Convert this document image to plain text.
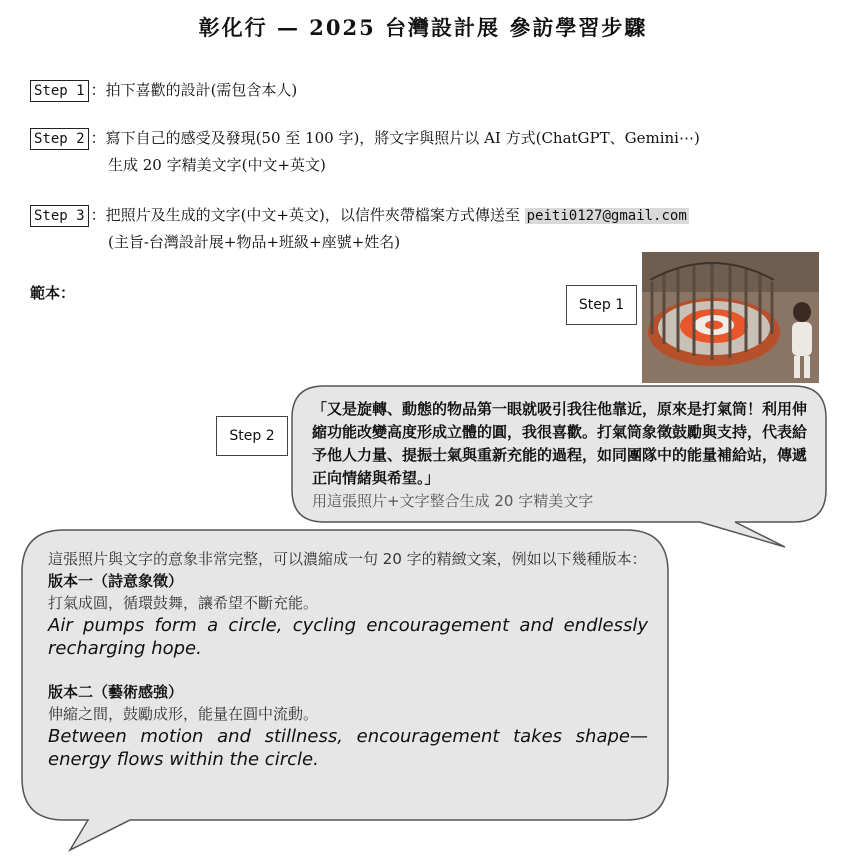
彰化行 — 2025 台灣設計展 參訪學習步驟
Step 1 ：拍下喜歡的設計(需包含本人)
Step 2 ：寫下自己的感受及發現(50 至 100 字)，將文字與照片以 AI 方式(ChatGPT、Gemini⋯)
生成 20 字精美文字(中文+英文)
Step 3 ：把照片及生成的文字(中文+英文)，以信件夾帶檔案方式傳送至 peiti0127@gmail.com
(主旨-台灣設計展+物品+班級+座號+姓名)
範本：
Step 1
Step 2
「又是旋轉、動態的物品第一眼就吸引我往他靠近，原來是打氣筒！利用伸縮功能改變高度形成立體的圓，我很喜歡。打氣筒象徵鼓勵與支持，代表給予他人力量、提振士氣與重新充能的過程，如同團隊中的能量補給站，傳遞正向情緒與希望。」
用這張照片+文字整合生成 20 字精美文字
這張照片與文字的意象非常完整，可以濃縮成一句 20 字的精緻文案，例如以下幾種版本：
版本一（詩意象徵）
打氣成圓，循環鼓舞，讓希望不斷充能。
Air pumps form a circle, cycling encouragement and endlessly recharging hope.
版本二（藝術感強）
伸縮之間，鼓勵成形，能量在圓中流動。
Between motion and stillness, encouragement takes shape—energy flows within the circle.
